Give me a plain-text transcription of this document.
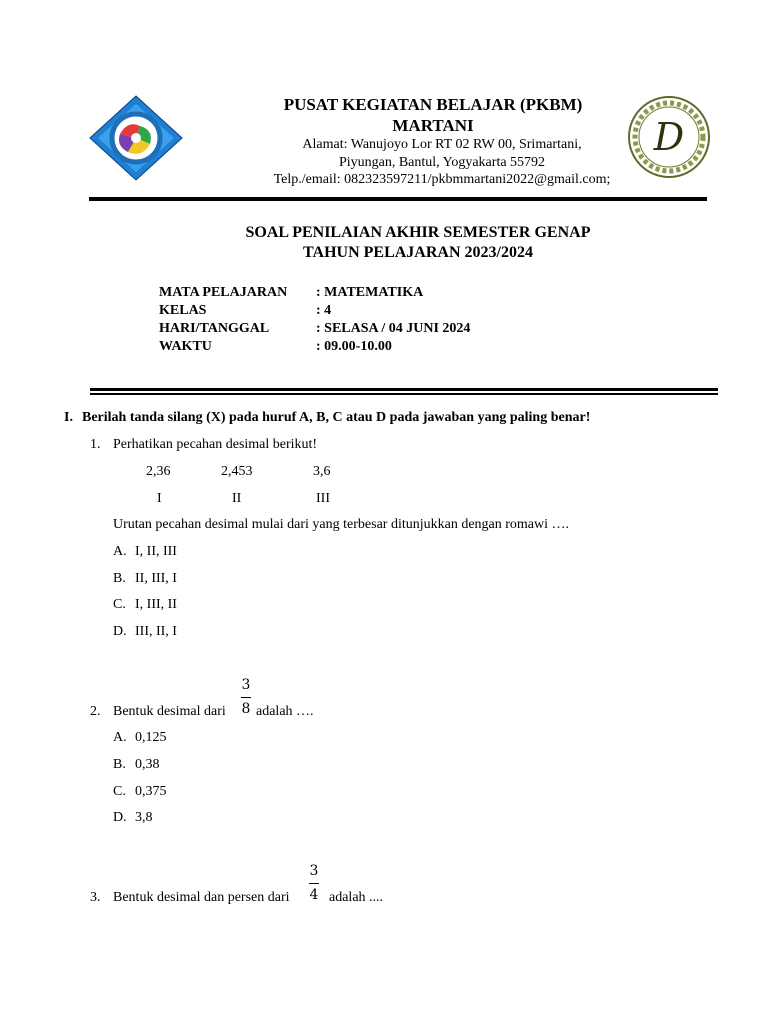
D
PUSAT KEGIATAN BELAJAR (PKBM)
MARTANI
Alamat: Wanujoyo Lor RT 02 RW 00, Srimartani,
Piyungan, Bantul, Yogyakarta 55792
Telp./email: 082323597211/pkbmmartani2022@gmail.com;
SOAL PENILAIAN AKHIR SEMESTER GENAP
TAHUN PELAJARAN 2023/2024
MATA PELAJARAN : MATEMATIKA
KELAS	: 4
HARI/TANGGAL	: SELASA / 04 JUNI 2024
WAKTU	: 09.00-10.00
I. Berilah tanda silang (X) pada huruf A, B, C atau D pada jawaban yang paling benar!
1. Perhatikan pecahan desimal berikut!
2,36	2,453	3,6
I	II	III
Urutan pecahan desimal mulai dari yang terbesar ditunjukkan dengan romawi ….
A. I, II, III
B. II, III, I
C. I, III, II
D. III, II, I
3
8
2. Bentuk desimal dari adalah ….
A. 0,125
B. 0,38
C. 0,375
D. 3,8
3
4
3. Bentuk desimal dan persen dari	adalah ....
